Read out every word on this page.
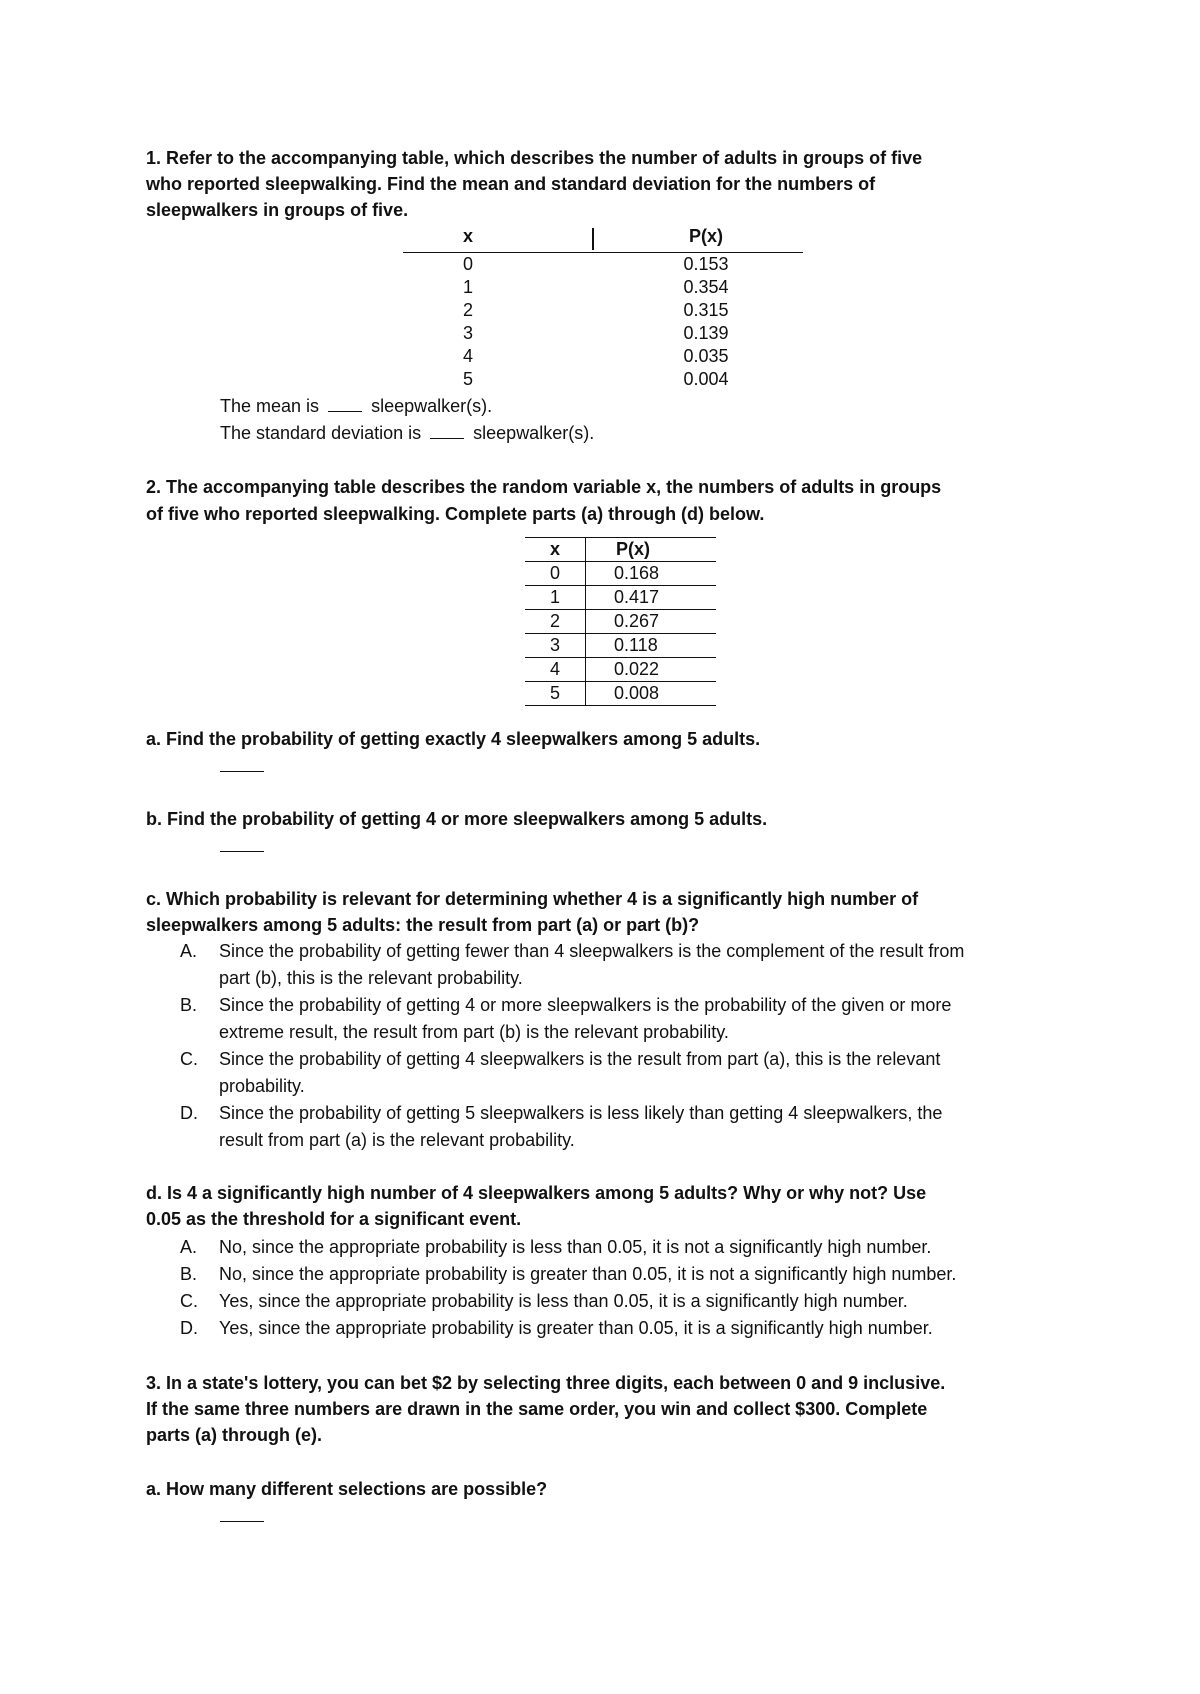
1. Refer to the accompanying table, which describes the number of adults in groups of five
who reported sleepwalking. Find the mean and standard deviation for the numbers of
sleepwalkers in groups of five.
x	P(x)
0	0.153
1	0.354
2	0.315
3	0.139
4	0.035
5	0.004
The mean is	sleepwalker(s).
The standard deviation is	sleepwalker(s).
2. The accompanying table describes the random variable x, the numbers of adults in groups
of five who reported sleepwalking. Complete parts (a) through (d) below.
x	P(x)
0	0.168
1	0.417
2	0.267
3	0.118
4	0.022
5	0.008
a. Find the probability of getting exactly 4 sleepwalkers among 5 adults.
b. Find the probability of getting 4 or more sleepwalkers among 5 adults.
c. Which probability is relevant for determining whether 4 is a significantly high number of
sleepwalkers among 5 adults: the result from part (a) or part (b)?
A. Since the probability of getting fewer than 4 sleepwalkers is the complement of the result from
part (b), this is the relevant probability.
B. Since the probability of getting 4 or more sleepwalkers is the probability of the given or more
extreme result, the result from part (b) is the relevant probability.
C. Since the probability of getting 4 sleepwalkers is the result from part (a), this is the relevant
probability.
D. Since the probability of getting 5 sleepwalkers is less likely than getting 4 sleepwalkers, the
result from part (a) is the relevant probability.
d. Is 4 a significantly high number of 4 sleepwalkers among 5 adults? Why or why not? Use
0.05 as the threshold for a significant event.
A. No, since the appropriate probability is less than 0.05, it is not a significantly high number.
B. No, since the appropriate probability is greater than 0.05, it is not a significantly high number.
C. Yes, since the appropriate probability is less than 0.05, it is a significantly high number.
D. Yes, since the appropriate probability is greater than 0.05, it is a significantly high number.
3. In a state's lottery, you can bet $2 by selecting three digits, each between 0 and 9 inclusive.
If the same three numbers are drawn in the same order, you win and collect $300. Complete
parts (a) through (e).
a. How many different selections are possible?
